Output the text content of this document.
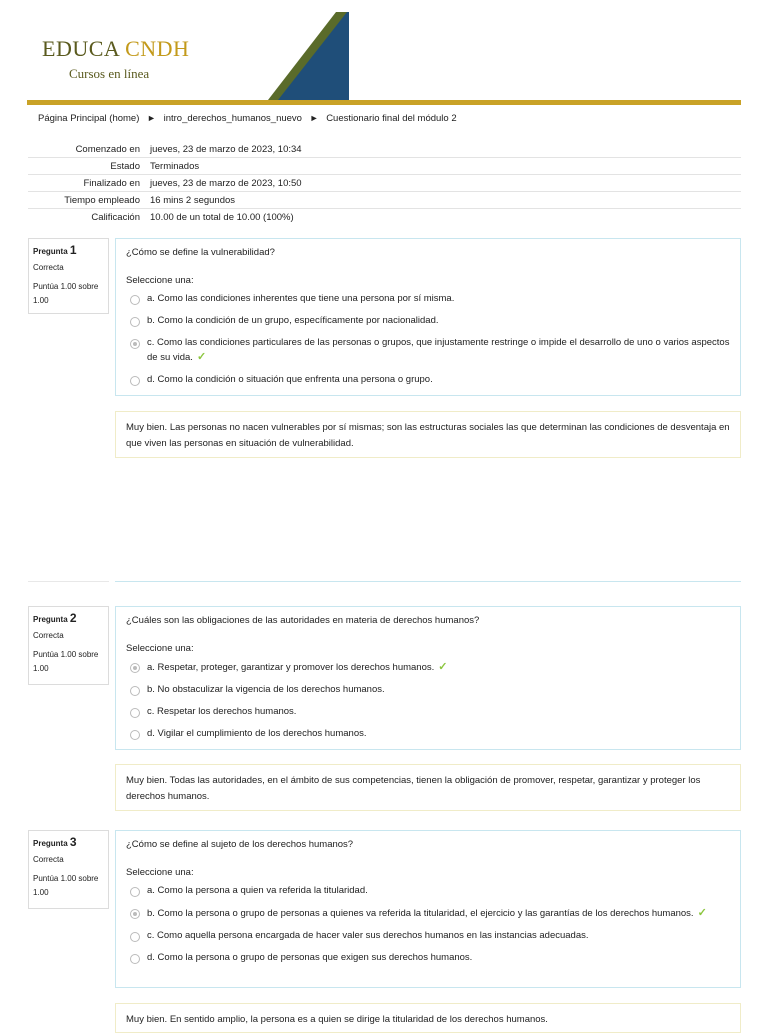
EDUCA CNDH
Cursos en línea
Página Principal (home) ► intro_derechos_humanos_nuevo ► Cuestionario final del módulo 2
Comenzado en	jueves, 23 de marzo de 2023, 10:34
Estado	Terminados
Finalizado en	jueves, 23 de marzo de 2023, 10:50
Tiempo empleado	16 mins 2 segundos
Calificación	10.00 de un total de 10.00 (100%)
Pregunta 1
Correcta
Puntúa 1.00 sobre 1.00
¿Cómo se define la vulnerabilidad?
Seleccione una:
a. Como las condiciones inherentes que tiene una persona por sí misma.
b. Como la condición de un grupo, específicamente por nacionalidad.
c. Como las condiciones particulares de las personas o grupos, que injustamente restringe o impide el desarrollo de uno o varios aspectos de su vida. ✓
d. Como la condición o situación que enfrenta una persona o grupo.
Muy bien. Las personas no nacen vulnerables por sí mismas; son las estructuras sociales las que determinan las condiciones de desventaja en que viven las personas en situación de vulnerabilidad.
Pregunta 2
Correcta
Puntúa 1.00 sobre 1.00
¿Cuáles son las obligaciones de las autoridades en materia de derechos humanos?
Seleccione una:
a. Respetar, proteger, garantizar y promover los derechos humanos. ✓
b. No obstaculizar la vigencia de los derechos humanos.
c. Respetar los derechos humanos.
d. Vigilar el cumplimiento de los derechos humanos.
Muy bien. Todas las autoridades, en el ámbito de sus competencias, tienen la obligación de promover, respetar, garantizar y proteger los derechos humanos.
Pregunta 3
Correcta
Puntúa 1.00 sobre 1.00
¿Cómo se define al sujeto de los derechos humanos?
Seleccione una:
a. Como la persona a quien va referida la titularidad.
b. Como la persona o grupo de personas a quienes va referida la titularidad, el ejercicio y las garantías de los derechos humanos. ✓
c. Como aquella persona encargada de hacer valer sus derechos humanos en las instancias adecuadas.
d. Como la persona o grupo de personas que exigen sus derechos humanos.
Muy bien. En sentido amplio, la persona es a quien se dirige la titularidad de los derechos humanos.
